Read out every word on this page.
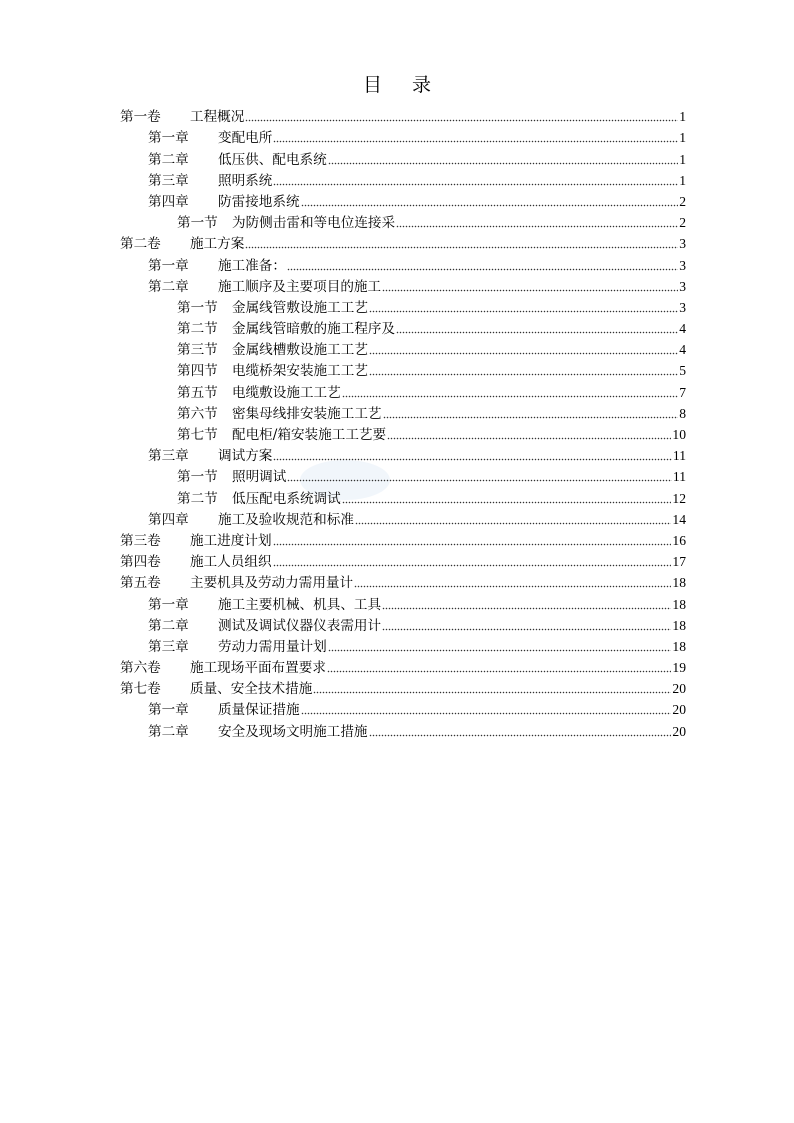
目 录
第一卷	工程概况	1
第一章	变配电所	1
第二章	低压供、配电系统	1
第三章	照明系统	1
第四章	防雷接地系统	2
第一节	为防侧击雷和等电位连接采	2
第二卷	施工方案	3
第一章	施工准备：	3
第二章	施工顺序及主要项目的施工	3
第一节	金属线管敷设施工工艺	3
第二节	金属线管暗敷的施工程序及	4
第三节	金属线槽敷设施工工艺	4
第四节	电缆桥架安装施工工艺	5
第五节	电缆敷设施工工艺	7
第六节	密集母线排安装施工工艺	8
第七节	配电柜/箱安装施工工艺要	10
第三章	调试方案	11
第一节	照明调试	11
第二节	低压配电系统调试	12
第四章	施工及验收规范和标准	14
第三卷	施工进度计划	16
第四卷	施工人员组织	17
第五卷	主要机具及劳动力需用量计	18
第一章	施工主要机械、机具、工具	18
第二章	测试及调试仪器仪表需用计	18
第三章	劳动力需用量计划	18
第六卷	施工现场平面布置要求	19
第七卷	质量、安全技术措施	20
第一章	质量保证措施	20
第二章	安全及现场文明施工措施	20
